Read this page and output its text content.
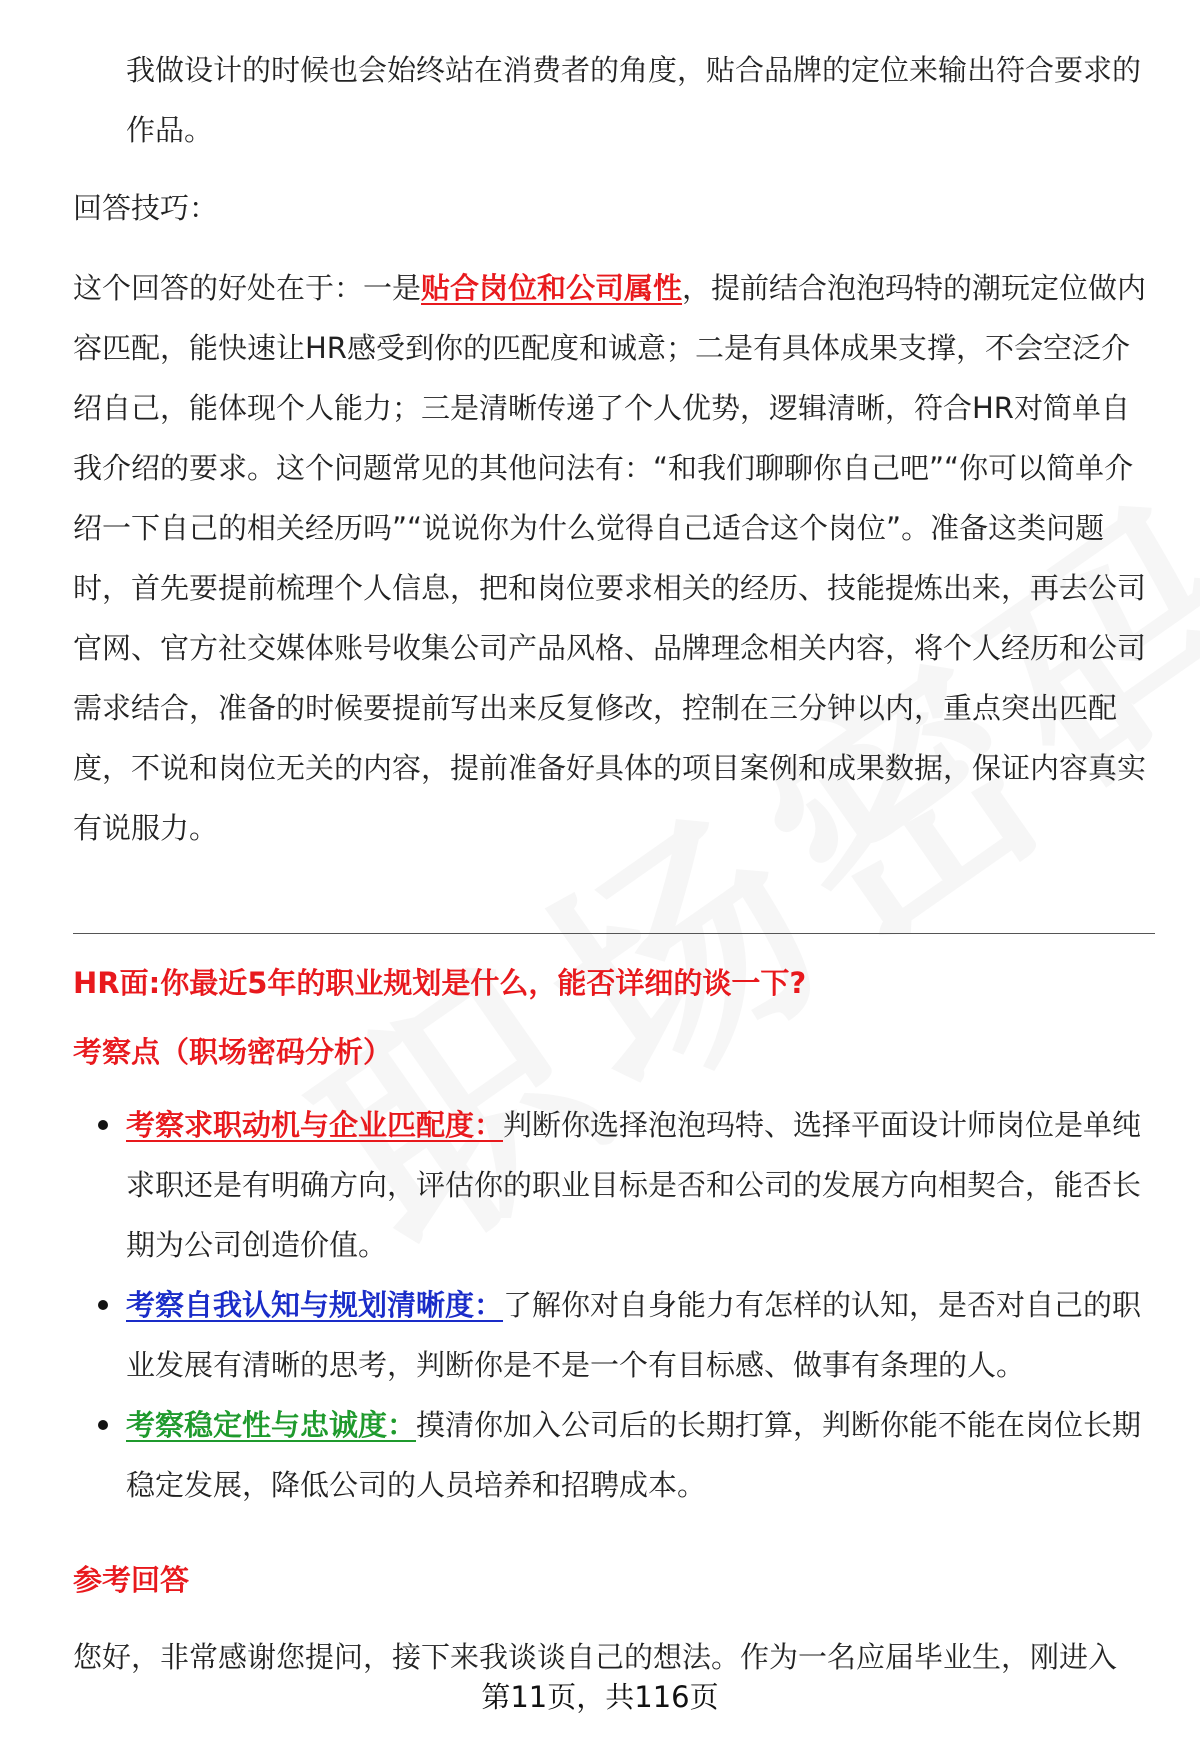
我做设计的时候也会始终站在消费者的角度，贴合品牌的定位来输出符合要求的作品。
回答技巧：
这个回答的好处在于：一是贴合岗位和公司属性，提前结合泡泡玛特的潮玩定位做内容匹配，能快速让HR感受到你的匹配度和诚意；二是有具体成果支撑，不会空泛介绍自己，能体现个人能力；三是清晰传递了个人优势，逻辑清晰，符合HR对简单自我介绍的要求。这个问题常见的其他问法有：“和我们聊聊你自己吧”“你可以简单介绍一下自己的相关经历吗”“说说你为什么觉得自己适合这个岗位”。准备这类问题时，首先要提前梳理个人信息，把和岗位要求相关的经历、技能提炼出来，再去公司官网、官方社交媒体账号收集公司产品风格、品牌理念相关内容，将个人经历和公司需求结合，准备的时候要提前写出来反复修改，控制在三分钟以内，重点突出匹配度，不说和岗位无关的内容，提前准备好具体的项目案例和成果数据，保证内容真实有说服力。
HR面:你最近5年的职业规划是什么，能否详细的谈一下?
考察点（职场密码分析）
考察求职动机与企业匹配度：判断你选择泡泡玛特、选择平面设计师岗位是单纯求职还是有明确方向，评估你的职业目标是否和公司的发展方向相契合，能否长期为公司创造价值。
考察自我认知与规划清晰度：了解你对自身能力有怎样的认知，是否对自己的职业发展有清晰的思考，判断你是不是一个有目标感、做事有条理的人。
考察稳定性与忠诚度：摸清你加入公司后的长期打算，判断你能不能在岗位长期稳定发展，降低公司的人员培养和招聘成本。
参考回答
您好，非常感谢您提问，接下来我谈谈自己的想法。作为一名应届毕业生，刚进入
第11页，共116页
